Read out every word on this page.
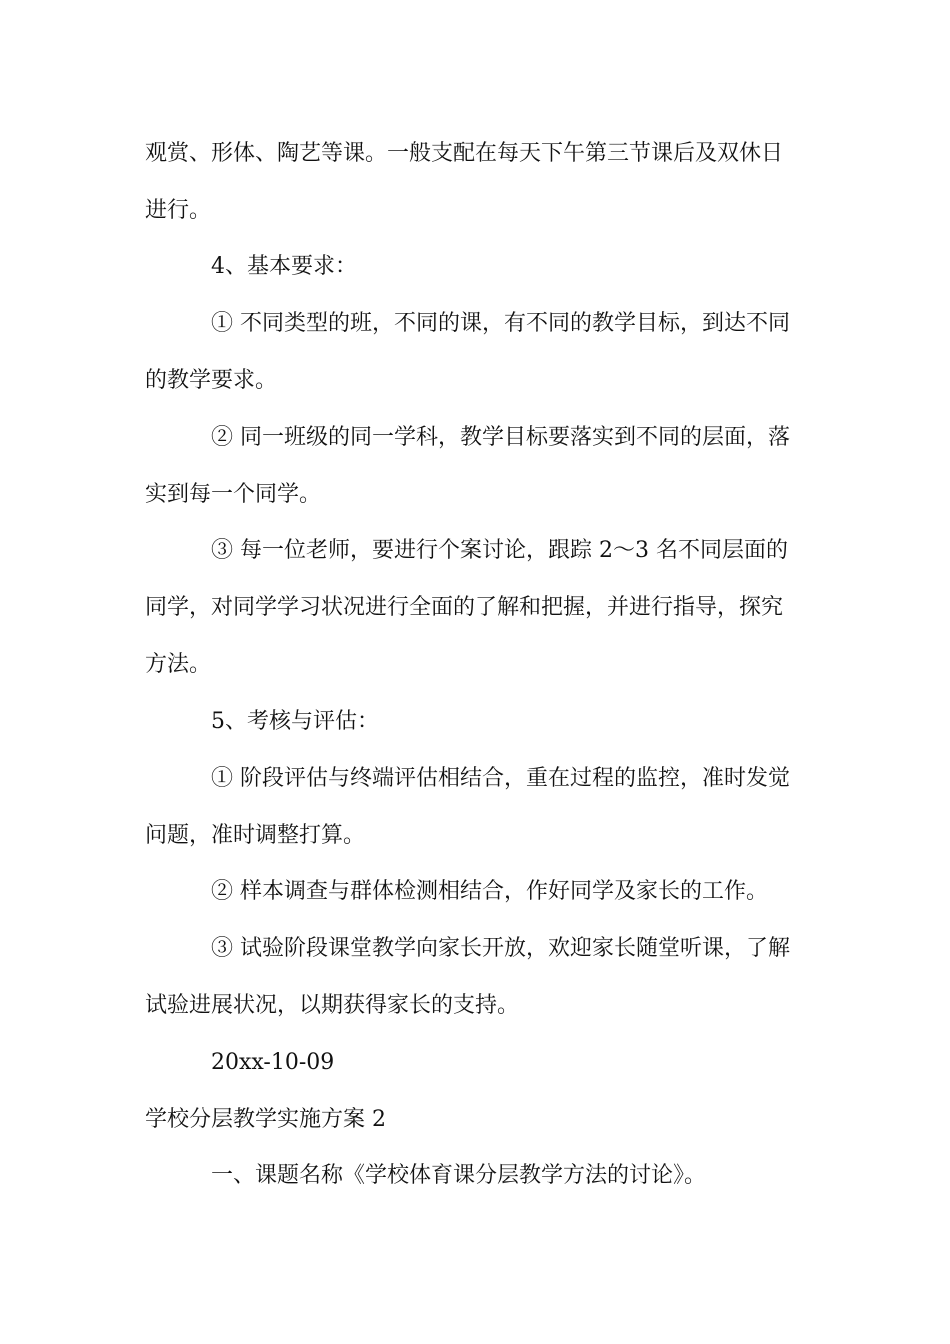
观赏、形体、陶艺等课。一般支配在每天下午第三节课后及双休日
进行。
4、基本要求：
① 不同类型的班，不同的课，有不同的教学目标，到达不同
的教学要求。
② 同一班级的同一学科，教学目标要落实到不同的层面，落
实到每一个同学。
③ 每一位老师，要进行个案讨论，跟踪 2～3 名不同层面的
同学，对同学学习状况进行全面的了解和把握，并进行指导，探究
方法。
5、考核与评估：
① 阶段评估与终端评估相结合，重在过程的监控，准时发觉
问题，准时调整打算。
② 样本调查与群体检测相结合，作好同学及家长的工作。
③ 试验阶段课堂教学向家长开放，欢迎家长随堂听课，了解
试验进展状况，以期获得家长的支持。
20xx-10-09
学校分层教学实施方案 2
一、课题名称《学校体育课分层教学方法的讨论》。
